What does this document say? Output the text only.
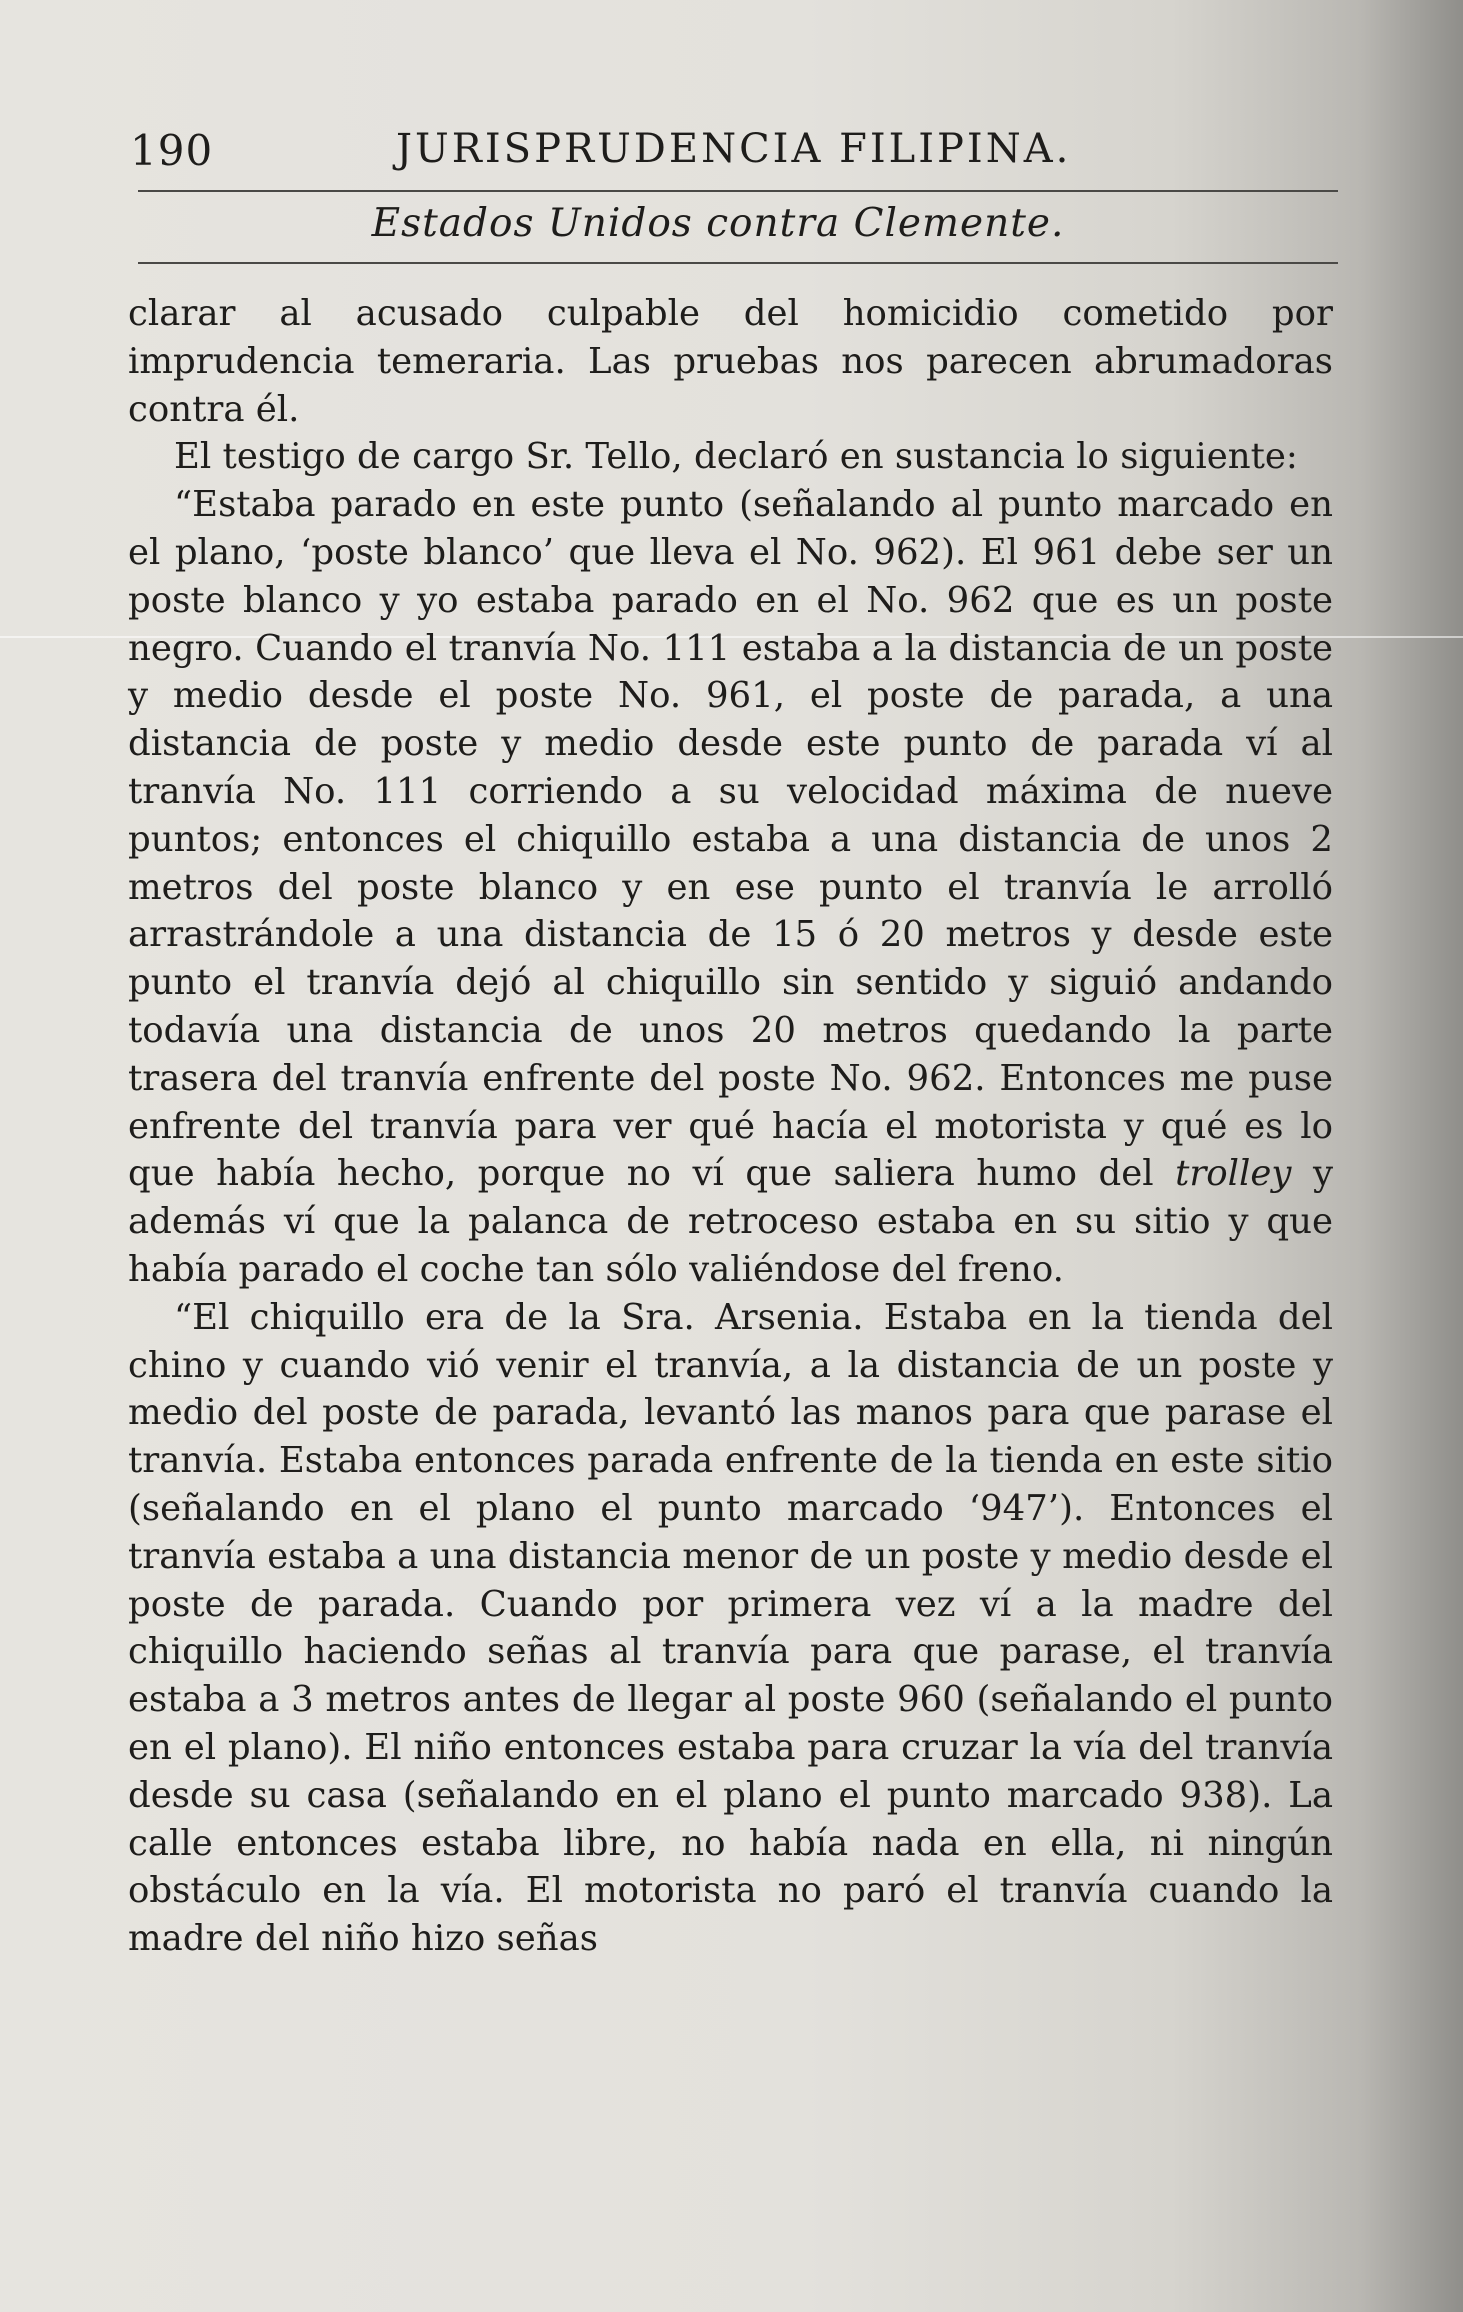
190	JURISPRUDENCIA FILIPINA.
Estados Unidos contra Clemente.

clarar al acusado culpable del homicidio cometido por imprudencia temeraria. Las pruebas nos parecen abrumadoras contra él.

El testigo de cargo Sr. Tello, declaró en sustancia lo siguiente:

“Estaba parado en este punto (señalando al punto marcado en el plano, ‘poste blanco’ que lleva el No. 962). El 961 debe ser un poste blanco y yo estaba parado en el No. 962 que es un poste negro. Cuando el tranvía No. 111 estaba a la distancia de un poste y medio desde el poste No. 961, el poste de parada, a una distancia de poste y medio desde este punto de parada ví al tranvía No. 111 corriendo a su velocidad máxima de nueve puntos; entonces el chiquillo estaba a una distancia de unos 2 metros del poste blanco y en ese punto el tranvía le arrolló arrastrándole a una distancia de 15 ó 20 metros y desde este punto el tranvía dejó al chiquillo sin sentido y siguió andando todavía una distancia de unos 20 metros quedando la parte trasera del tranvía enfrente del poste No. 962. Entonces me puse enfrente del tranvía para ver qué hacía el motorista y qué es lo que había hecho, porque no ví que saliera humo del trolley y además ví que la palanca de retroceso estaba en su sitio y que había parado el coche tan sólo valiéndose del freno.

“El chiquillo era de la Sra. Arsenia. Estaba en la tienda del chino y cuando vió venir el tranvía, a la distancia de un poste y medio del poste de parada, levantó las manos para que parase el tranvía. Estaba entonces parada enfrente de la tienda en este sitio (señalando en el plano el punto marcado ‘947’). Entonces el tranvía estaba a una distancia menor de un poste y medio desde el poste de parada. Cuando por primera vez ví a la madre del chiquillo haciendo señas al tranvía para que parase, el tranvía estaba a 3 metros antes de llegar al poste 960 (señalando el punto en el plano). El niño entonces estaba para cruzar la vía del tranvía desde su casa (señalando en el plano el punto marcado 938). La calle entonces estaba libre, no había nada en ella, ni ningún obstáculo en la vía. El motorista no paró el tranvía cuando la madre del niño hizo señas
